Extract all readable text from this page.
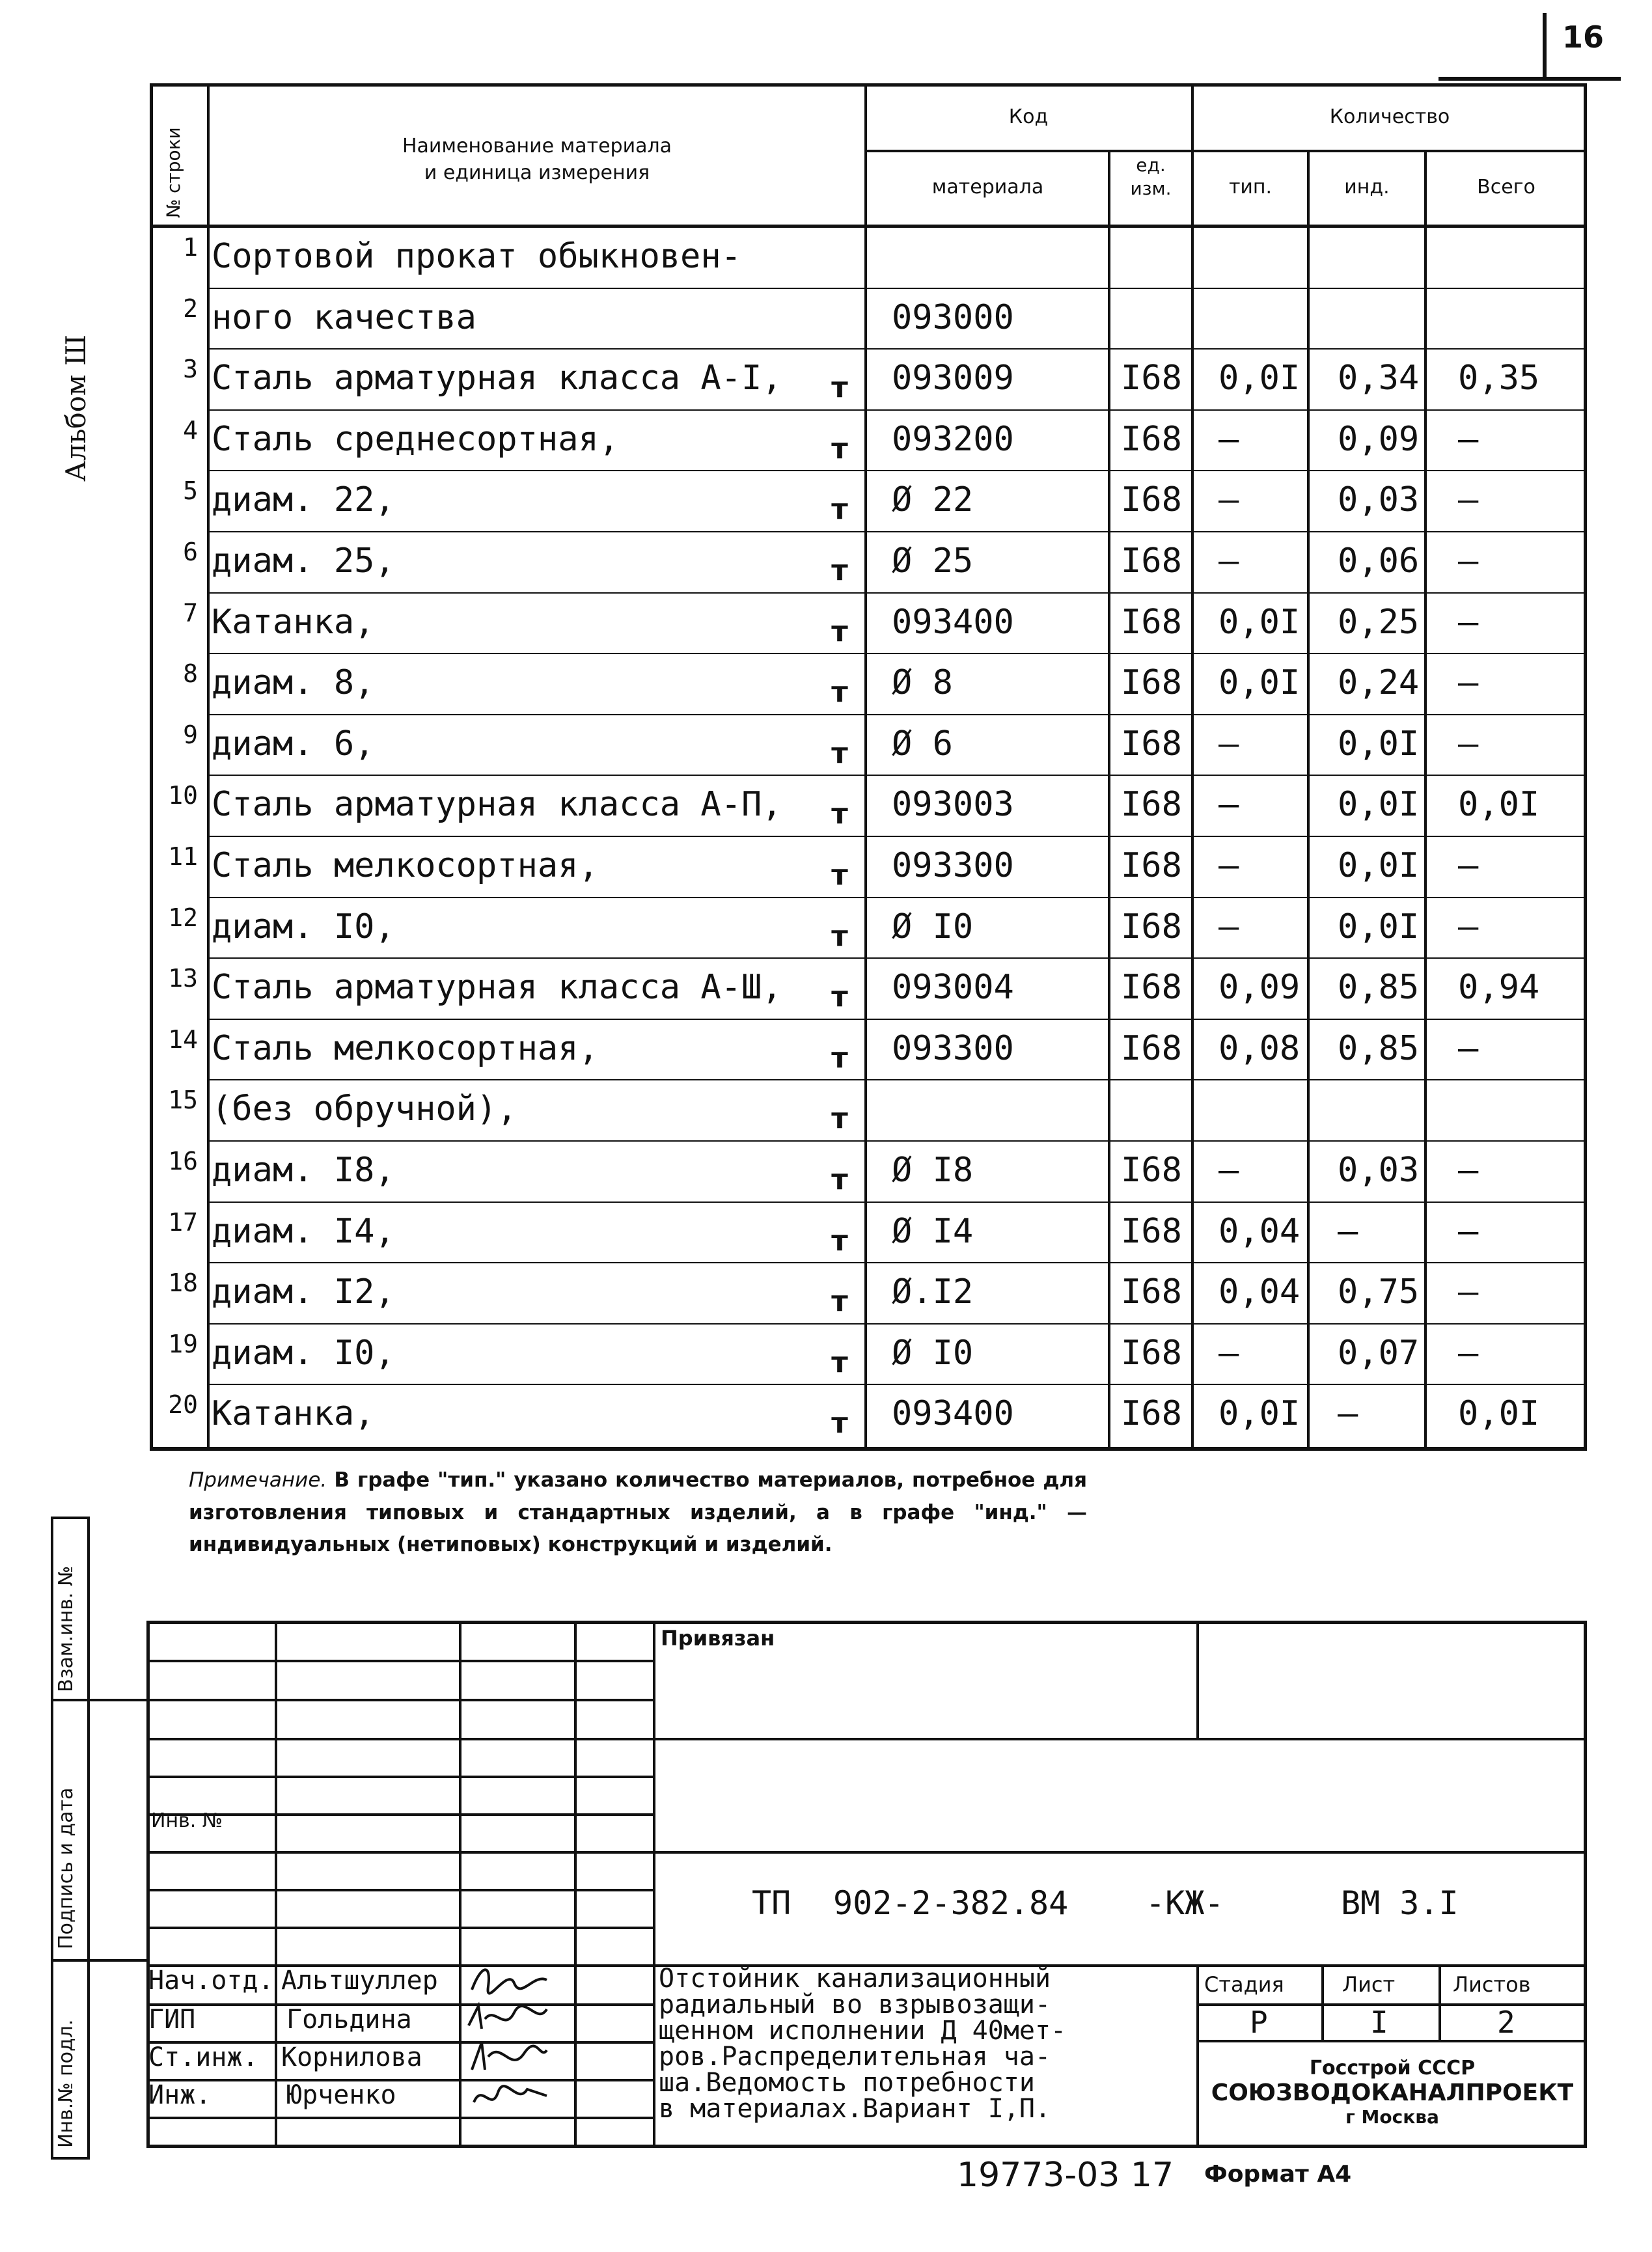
16
Альбом Ш
№ строки	Наименование материала
и единица измерения
Код	Количество
материала
ед.
изм.	тип.	инд.	Всего
1 Сортовой прокат обыкновен-
2 ного качества	093000
3 Сталь арматурная класса А-I,	т	093009	I68	0,0I	0,34	0,35
4 Сталь среднесортная,	т	093200	I68	–	0,09	–
5 диам. 22,	т	Ø 22	I68	–	0,03	–
6 диам. 25,	т	Ø 25	I68	–	0,06	–
7 Катанка,	т	093400	I68	0,0I	0,25	–
8 диам. 8,	т	Ø 8	I68	0,0I	0,24	–
9 диам. 6,	т	Ø 6	I68	–	0,0I	–
10 Сталь арматурная класса А-П,	т	093003	I68	–	0,0I	0,0I
11 Сталь мелкосортная,	т	093300	I68	–	0,0I	–
12 диам. I0,	т	Ø I0	I68	–	0,0I	–
13 Сталь арматурная класса А-Ш,	т	093004	I68	0,09	0,85	0,94
14 Сталь мелкосортная,	т	093300	I68	0,08	0,85	–
15 (без обручной),	т
16 диам. I8,	т	Ø I8	I68	–	0,03	–
17 диам. I4,	т	Ø I4	I68	0,04	–	–
18 диам. I2,	т	Ø.I2	I68	0,04	0,75	–
19 диам. I0,	т	Ø I0	I68	–	0,07	–
20 Катанка,	т	093400	I68	0,0I	–	0,0I
Примечание. В графе "тип." указано количество материалов, потребное для изготовления типовых и стандартных изделий, а в графе "инд." — индивидуальных (нетиповых) конструкций и изделий.
Взам.инв. №
Подпись и дата
Инв.№ подл.
Привязан
Инв. №
ТП 902-2-382.84 -КЖ-	ВМ 3.I
Отстойник канализационный
радиальный во взрывозащи-
щенном исполнении Д 40мет-
ров.Распределительная ча-
ша.Ведомость потребности
в материалах.Вариант I,П.
Стадия	Лист	Листов
Р	I	2
Госстрой СССР
СОЮЗВОДОКАНАЛПРОЕКТ
г Москва
Нач.отд. Альтшуллер
ГИП	Гольдина
Ст.инж. Корнилова
Инж.	Юрченко
19773-03 17 Формат А4
